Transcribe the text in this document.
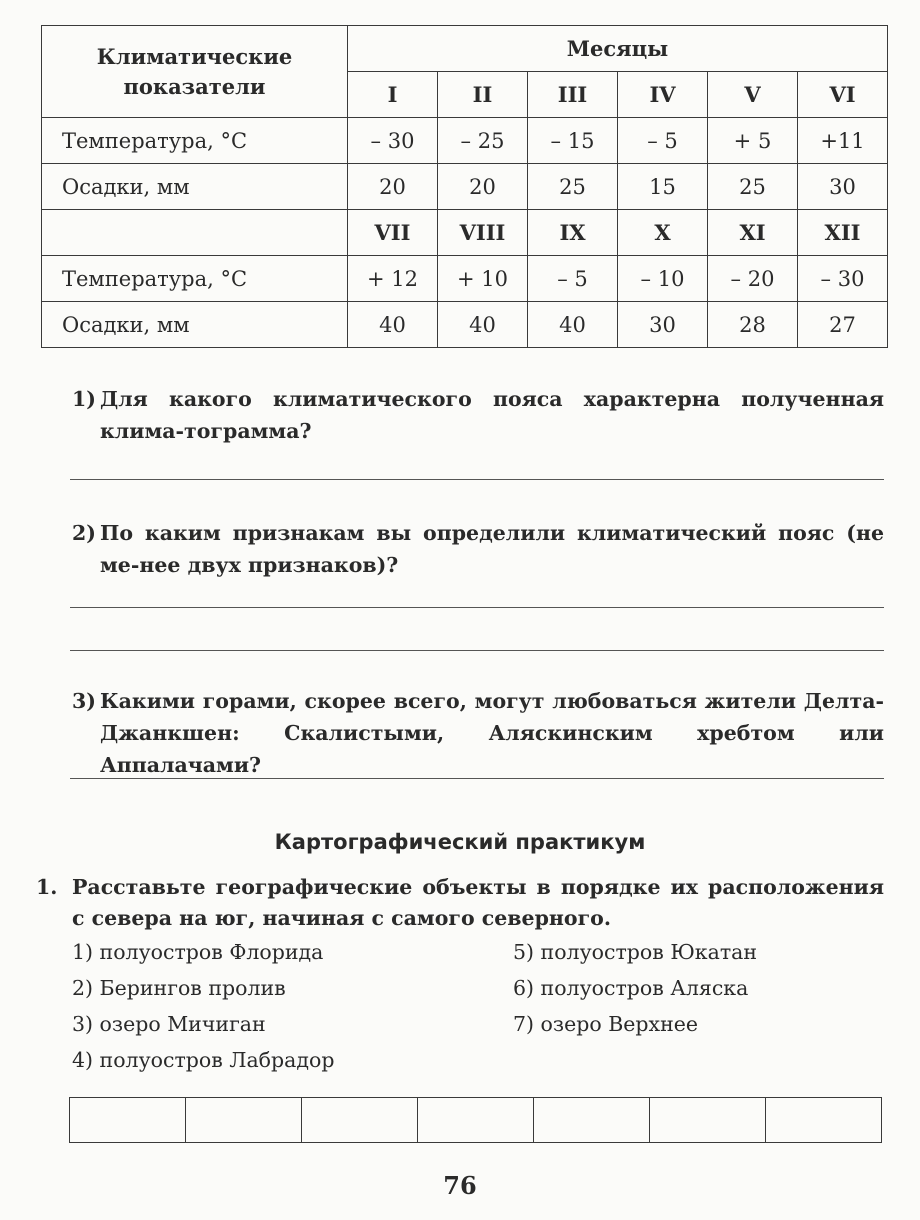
Климатические показатели	Месяцы					
	I	II	III	IV	V	VI
Температура, °С	– 30	– 25	– 15	– 5	+ 5	+11
Осадки, мм	20	20	25	15	25	30
	VII	VIII	IX	X	XI	XII
Температура, °С	+ 12	+ 10	– 5	– 10	– 20	– 30
Осадки, мм	40	40	40	30	28	27
1) Для какого климатического пояса характерна полученная клима-тограмма?
2) По каким признакам вы определили климатический пояс (не ме-нее двух признаков)?
3) Какими горами, скорее всего, могут любоваться жители Делта-Джанкшен: Скалистыми, Аляскинским хребтом или Аппалачами?
Картографический практикум
1. Расставьте географические объекты в порядке их расположения с севера на юг, начиная с самого северного.
1) полуостров Флорида
2) Берингов пролив
3) озеро Мичиган
4) полуостров Лабрадор
5) полуостров Юкатан
6) полуостров Аляска
7) озеро Верхнее

76
